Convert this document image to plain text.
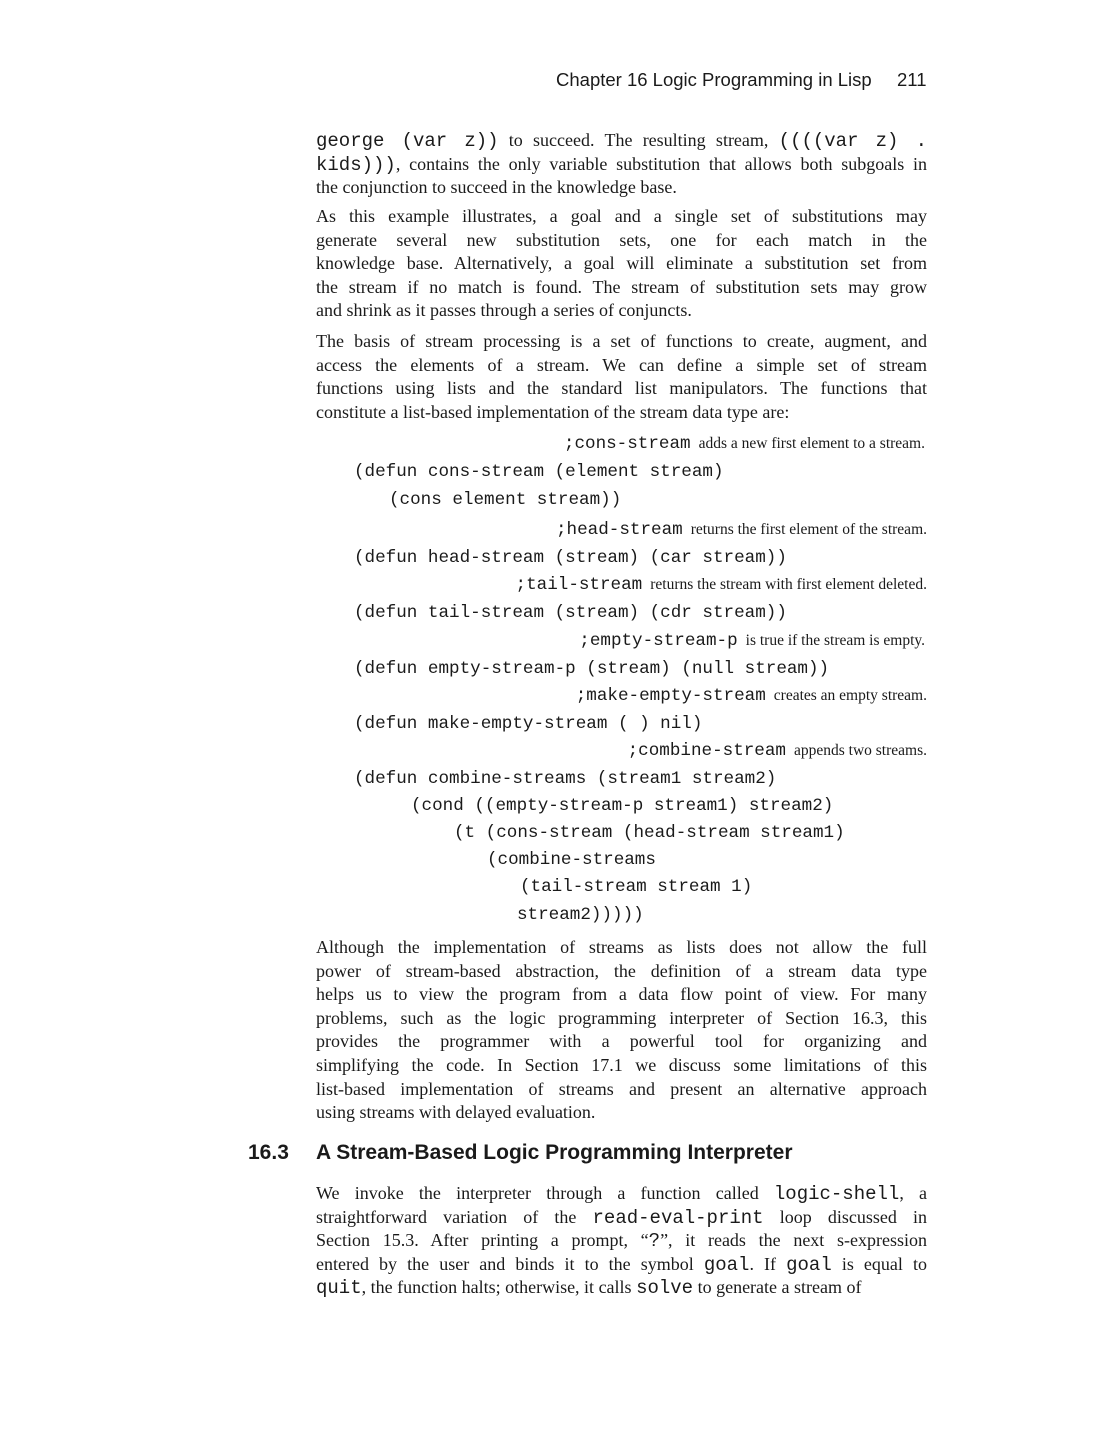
Chapter 16 Logic Programming in Lisp 211
george (var z)) to succeed. The resulting stream, ((((var z) .
kids))), contains the only variable substitution that allows both subgoals in
the conjunction to succeed in the knowledge base.
As this example illustrates, a goal and a single set of substitutions may
generate several new substitution sets, one for each match in the
knowledge base. Alternatively, a goal will eliminate a substitution set from
the stream if no match is found. The stream of substitution sets may grow
and shrink as it passes through a series of conjuncts.
The basis of stream processing is a set of functions to create, augment, and
access the elements of a stream. We can define a simple set of stream
functions using lists and the standard list manipulators. The functions that
constitute a list-based implementation of the stream data type are:
;cons-stream adds a new first element to a stream.
(defun cons-stream (element stream)
(cons element stream))
;head-stream returns the first element of the stream.
(defun head-stream (stream) (car stream))
;tail-stream returns the stream with first element deleted.
(defun tail-stream (stream) (cdr stream))
;empty-stream-p is true if the stream is empty.
(defun empty-stream-p (stream) (null stream))
;make-empty-stream creates an empty stream.
(defun make-empty-stream ( ) nil)
;combine-stream appends two streams.
(defun combine-streams (stream1 stream2)
(cond ((empty-stream-p stream1) stream2)
(t (cons-stream (head-stream stream1)
(combine-streams
(tail-stream stream 1)
stream2)))))
Although the implementation of streams as lists does not allow the full
power of stream-based abstraction, the definition of a stream data type
helps us to view the program from a data flow point of view. For many
problems, such as the logic programming interpreter of Section 16.3, this
provides the programmer with a powerful tool for organizing and
simplifying the code. In Section 17.1 we discuss some limitations of this
list-based implementation of streams and present an alternative approach
using streams with delayed evaluation.
16.3 A Stream-Based Logic Programming Interpreter
We invoke the interpreter through a function called logic-shell, a
straightforward variation of the read-eval-print loop discussed in
Section 15.3. After printing a prompt, “?”, it reads the next s-expression
entered by the user and binds it to the symbol goal. If goal is equal to
quit, the function halts; otherwise, it calls solve to generate a stream of
